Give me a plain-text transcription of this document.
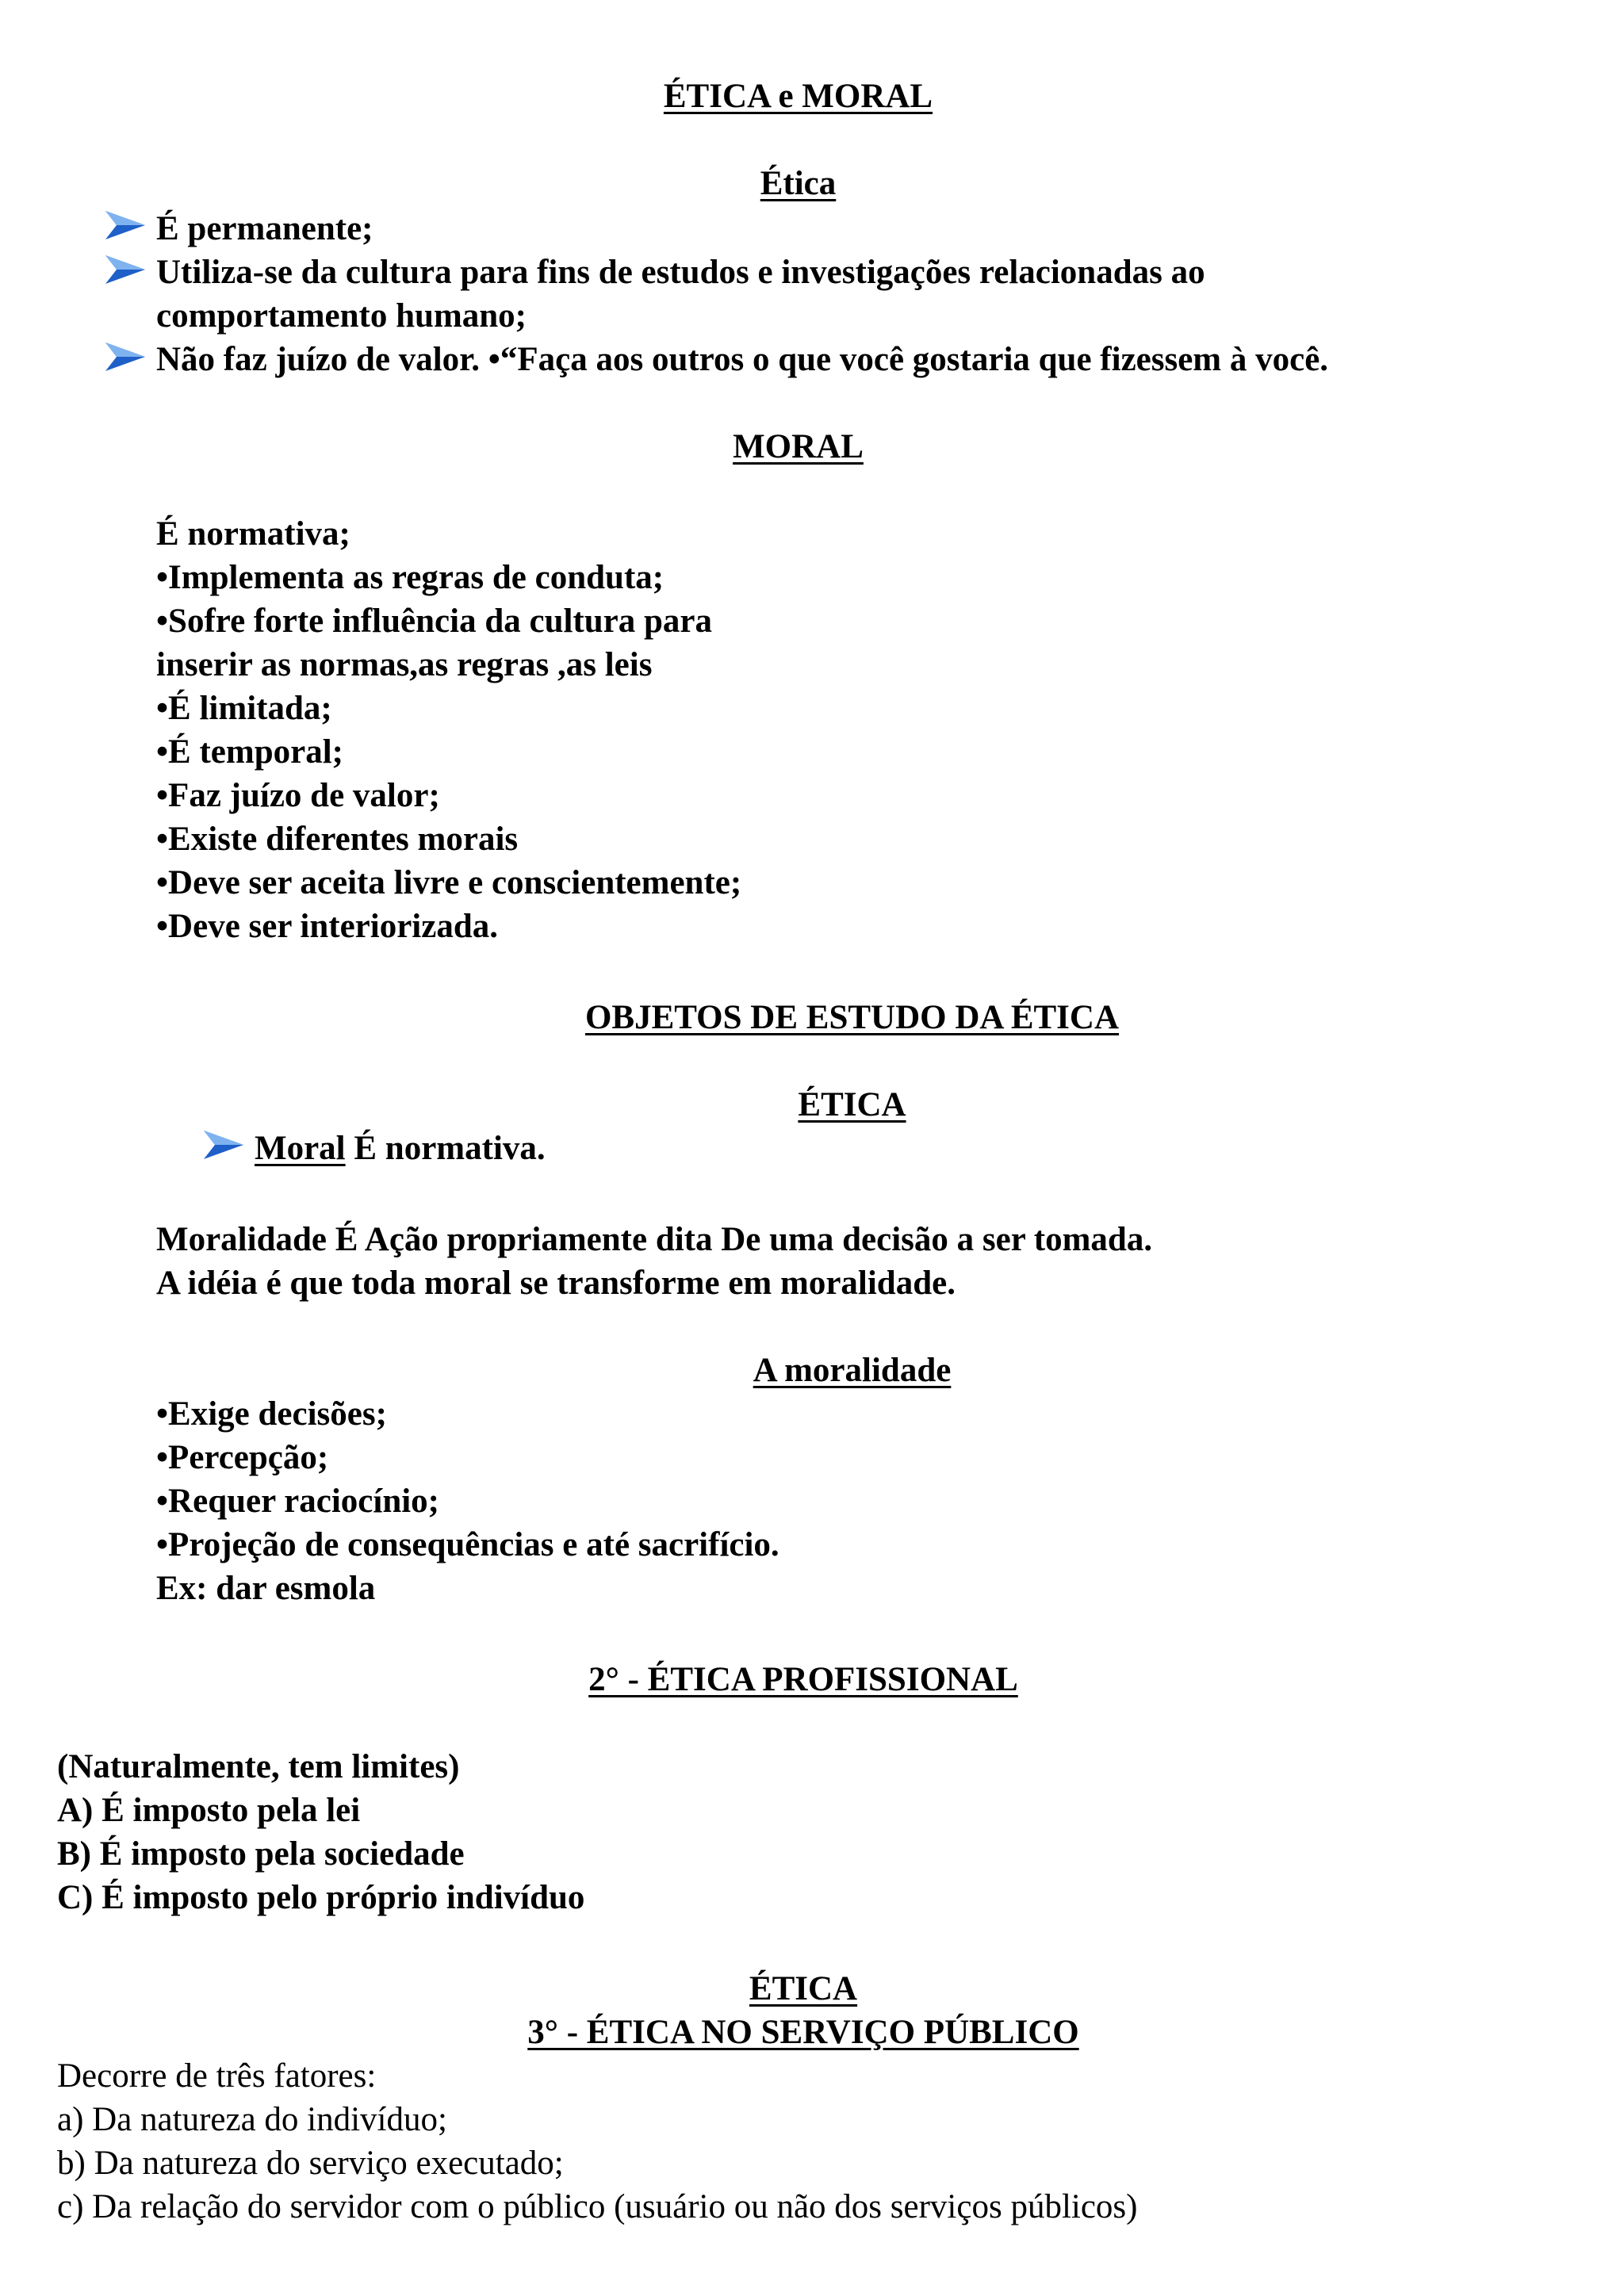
ÉTICA e MORAL
Ética
É permanente;
Utiliza-se da cultura para fins de estudos e investigações relacionadas ao
comportamento humano;
Não faz juízo de valor. •“Faça aos outros o que você gostaria que fizessem à você.
MORAL
É normativa;
•Implementa as regras de conduta;
•Sofre forte influência da cultura para
inserir as normas,as regras ,as leis
•É limitada;
•É temporal;
•Faz juízo de valor;
•Existe diferentes morais
•Deve ser aceita livre e conscientemente;
•Deve ser interiorizada.
OBJETOS DE ESTUDO DA ÉTICA
ÉTICA
Moral É normativa.
Moralidade É Ação propriamente dita De uma decisão a ser tomada.
A idéia é que toda moral se transforme em moralidade.
A moralidade
•Exige decisões;
•Percepção;
•Requer raciocínio;
•Projeção de consequências e até sacrifício.
Ex: dar esmola
2° - ÉTICA PROFISSIONAL
(Naturalmente, tem limites)
A) É imposto pela lei
B) É imposto pela sociedade
C) É imposto pelo próprio indivíduo
ÉTICA
3° - ÉTICA NO SERVIÇO PÚBLICO
Decorre de três fatores:
a) Da natureza do indivíduo;
b) Da natureza do serviço executado;
c) Da relação do servidor com o público (usuário ou não dos serviços públicos)
